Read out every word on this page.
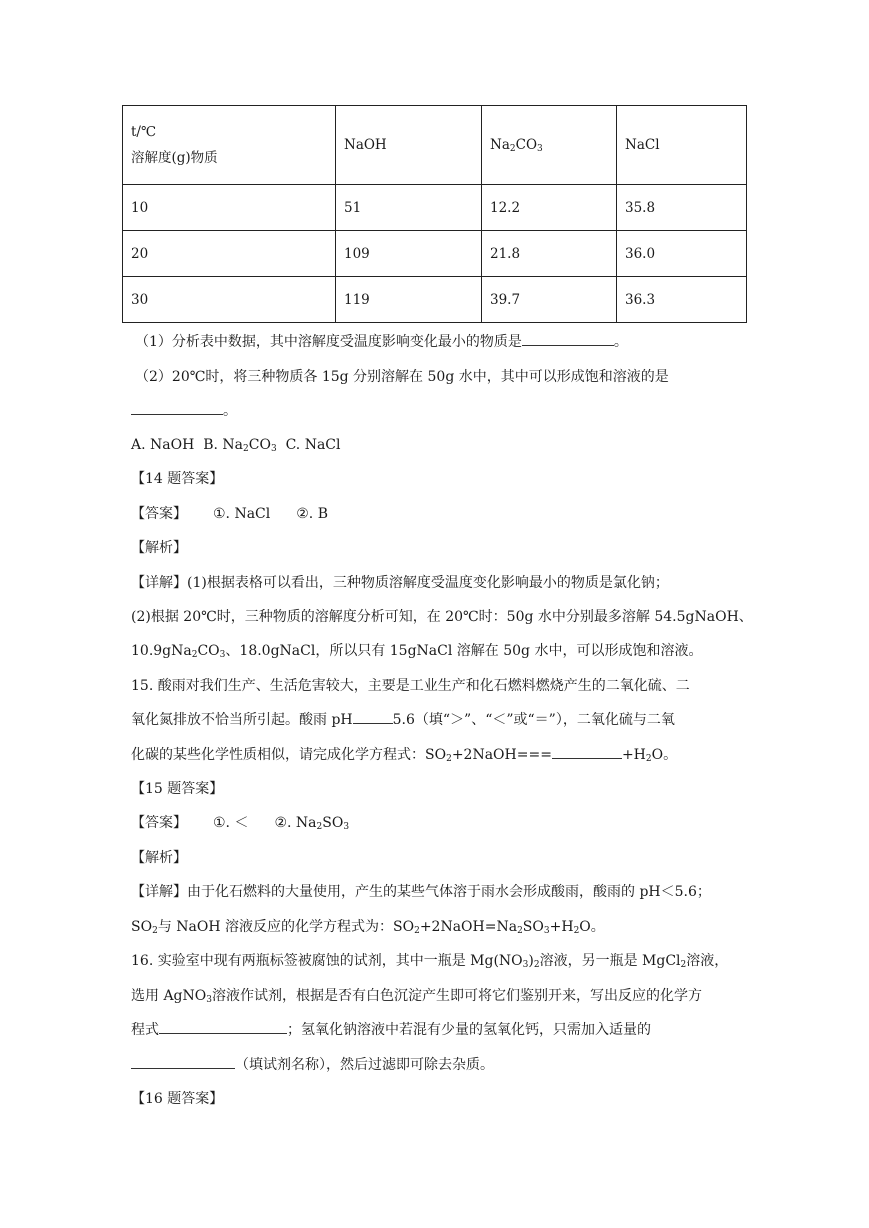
t/℃
溶解度(g)物质	NaOH	$Na_2CO_3$	NaCl
10	51	12.2	35.8
20	109	21.8	36.0
30	119	39.7	36.3
（1）分析表中数据，其中溶解度受温度影响变化最小的物质是	。
（2）20℃时，将三种物质各 15g 分别溶解在 50g 水中，其中可以形成饱和溶液的是
。
A. NaOH B. $Na_2CO_3$ C. NaCl
【14 题答案】
【答案】 ①. NaCl ②. B
【解析】
【详解】(1)根据表格可以看出，三种物质溶解度受温度变化影响最小的物质是氯化钠；
(2)根据 20℃时，三种物质的溶解度分析可知，在 20℃时：50g 水中分别最多溶解 54.5gNaOH、
$10.9gNa_2CO_3$、18.0gNaCl，所以只有 15gNaCl 溶解在 50g 水中，可以形成饱和溶液。
15. 酸雨对我们生产、生活危害较大，主要是工业生产和化石燃料燃烧产生的二氧化硫、二
氧化氮排放不恰当所引起。酸雨 pH	5.6（填“＞”、“＜”或“＝”），二氧化硫与二氧
化碳的某些化学性质相似，请完成化学方程式：$SO_2+2NaOH===$	$+H_2O$。
【15 题答案】
【答案】 ①. ＜ ②. $Na_2SO_3$
【解析】
【详解】由于化石燃料的大量使用，产生的某些气体溶于雨水会形成酸雨，酸雨的 pH＜5.6；
$SO_2$与 NaOH 溶液反应的化学方程式为：$SO_2+2NaOH=Na_2SO_3+H_2O$。
16. 实验室中现有两瓶标签被腐蚀的试剂，其中一瓶是 $Mg(NO_3)_2$溶液，另一瓶是 MgCl$_2$溶液，
选用 AgNO$_3$溶液作试剂，根据是否有白色沉淀产生即可将它们鉴别开来，写出反应的化学方
程式	；氢氧化钠溶液中若混有少量的氢氧化钙，只需加入适量的
（填试剂名称），然后过滤即可除去杂质。
【16 题答案】
